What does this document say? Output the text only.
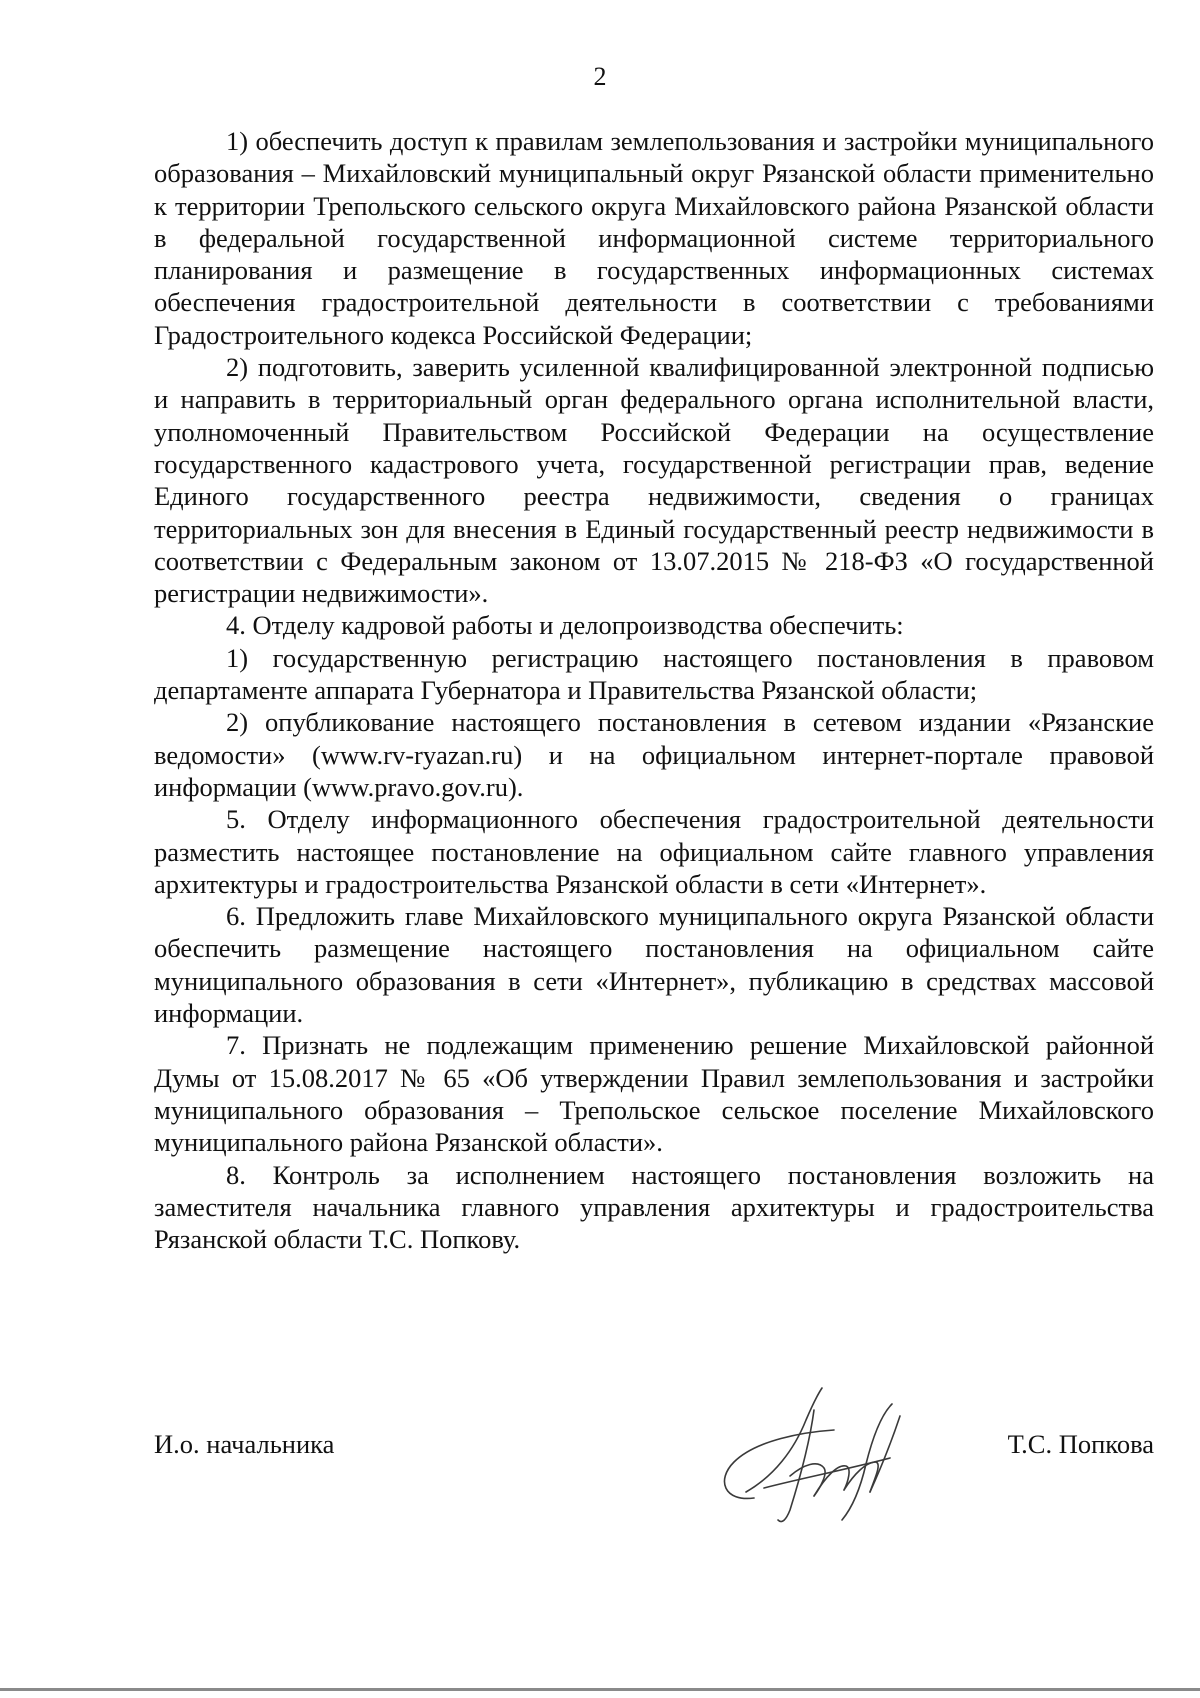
2

1) обеспечить доступ к правилам землепользования и застройки муниципального образования – Михайловский муниципальный округ Рязанской области применительно к территории Трепольского сельского округа Михайловского района Рязанской области в федеральной государственной информационной системе территориального планирования и размещение в государственных информационных системах обеспечения градостроительной деятельности в соответствии с требованиями Градостроительного кодекса Российской Федерации;

2) подготовить, заверить усиленной квалифицированной электронной подписью и направить в территориальный орган федерального органа исполнительной власти, уполномоченный Правительством Российской Федерации на осуществление государственного кадастрового учета, государственной регистрации прав, ведение Единого государственного реестра недвижимости, сведения о границах территориальных зон для внесения в Единый государственный реестр недвижимости в соответствии с Федеральным законом от 13.07.2015 № 218-ФЗ «О государственной регистрации недвижимости».

4. Отделу кадровой работы и делопроизводства обеспечить:

1) государственную регистрацию настоящего постановления в правовом департаменте аппарата Губернатора и Правительства Рязанской области;

2) опубликование настоящего постановления в сетевом издании «Рязанские ведомости» (www.rv-ryazan.ru) и на официальном интернет-портале правовой информации (www.pravo.gov.ru).

5. Отделу информационного обеспечения градостроительной деятельности разместить настоящее постановление на официальном сайте главного управления архитектуры и градостроительства Рязанской области в сети «Интернет».

6. Предложить главе Михайловского муниципального округа Рязанской области обеспечить размещение настоящего постановления на официальном сайте муниципального образования в сети «Интернет», публикацию в средствах массовой информации.

7. Признать не подлежащим применению решение Михайловской районной Думы от 15.08.2017 № 65 «Об утверждении Правил землепользования и застройки муниципального образования – Трепольское сельское поселение Михайловского муниципального района Рязанской области».

8. Контроль за исполнением настоящего постановления возложить на заместителя начальника главного управления архитектуры и градостроительства Рязанской области Т.С. Попкову.

И.о. начальника	Т.С. Попкова
